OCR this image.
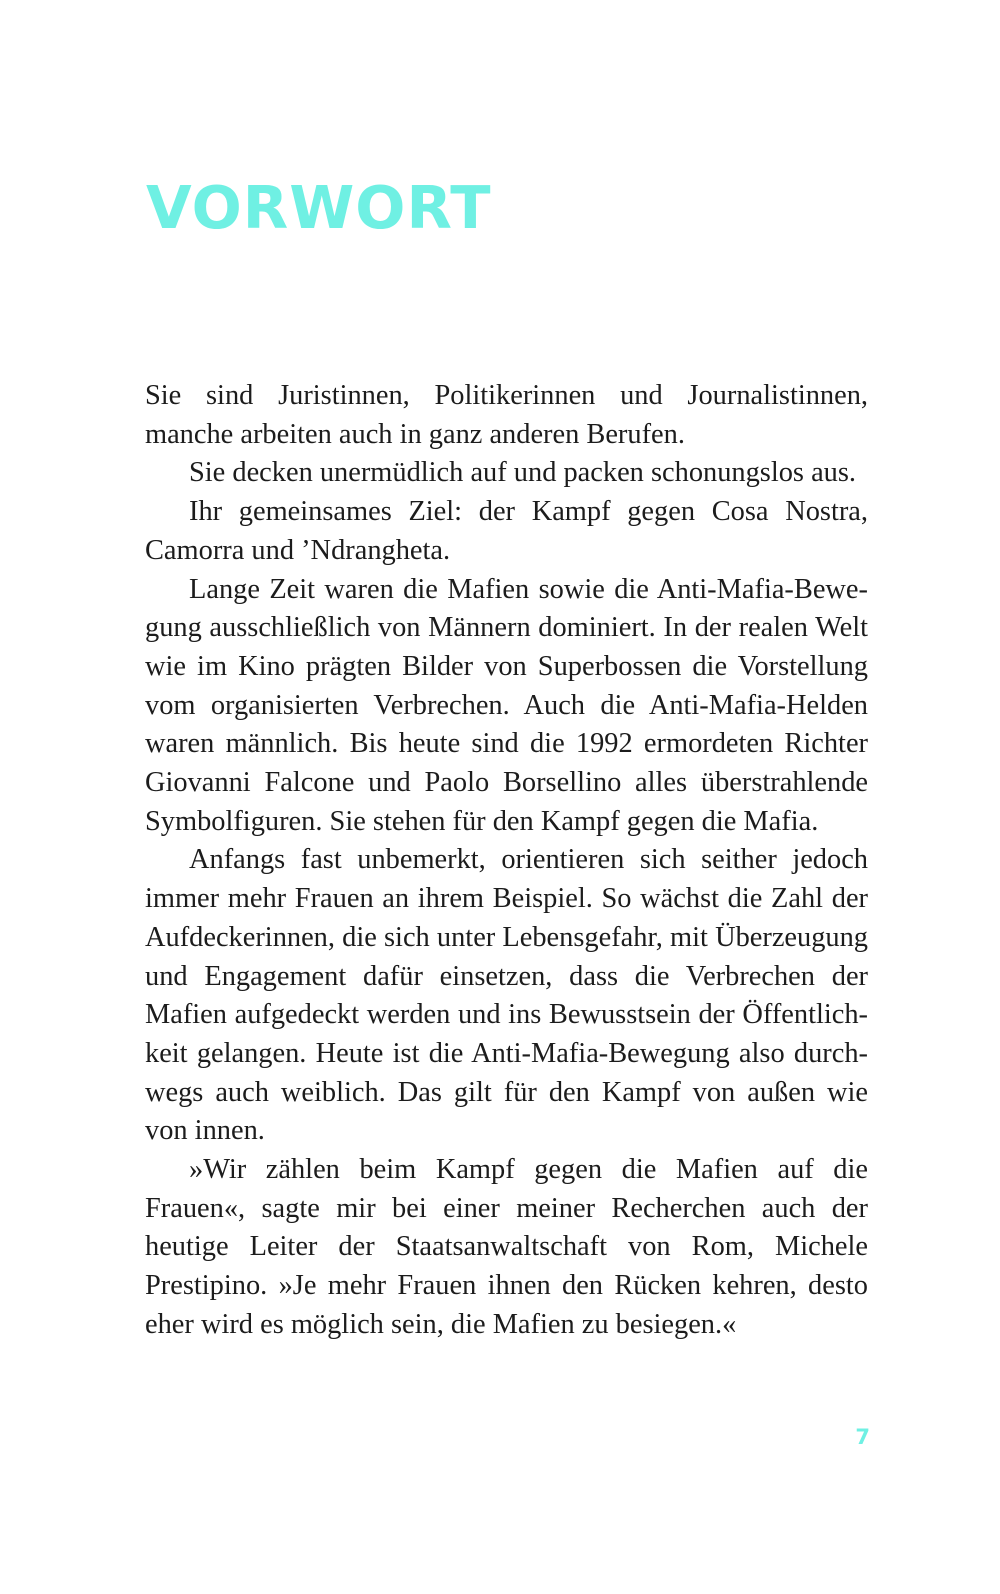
VORWORT

Sie sind Juristinnen, Politikerinnen und Journalistinnen, manche arbeiten auch in ganz anderen Berufen.

Sie decken unermüdlich auf und packen schonungslos aus.

Ihr gemeinsames Ziel: der Kampf gegen Cosa Nostra, Camorra und ’Ndrangheta.

Lange Zeit waren die Mafien sowie die Anti-Mafia-Bewegung ausschließlich von Männern dominiert. In der realen Welt wie im Kino prägten Bilder von Superbossen die Vorstellung vom organisierten Verbrechen. Auch die Anti-Mafia-Helden waren männlich. Bis heute sind die 1992 ermordeten Richter Giovanni Falcone und Paolo Borsellino alles überstrahlende Symbolfiguren. Sie stehen für den Kampf gegen die Mafia.

Anfangs fast unbemerkt, orientieren sich seither jedoch immer mehr Frauen an ihrem Beispiel. So wächst die Zahl der Aufdeckerinnen, die sich unter Lebensgefahr, mit Überzeugung und Engagement dafür einsetzen, dass die Verbrechen der Mafien aufgedeckt werden und ins Bewusstsein der Öffentlichkeit gelangen. Heute ist die Anti-Mafia-Bewegung also durchwegs auch weiblich. Das gilt für den Kampf von außen wie von innen.

»Wir zählen beim Kampf gegen die Mafien auf die Frauen«, sagte mir bei einer meiner Recherchen auch der heutige Leiter der Staatsanwaltschaft von Rom, Michele Prestipino. »Je mehr Frauen ihnen den Rücken kehren, desto eher wird es möglich sein, die Mafien zu besiegen.«

7
